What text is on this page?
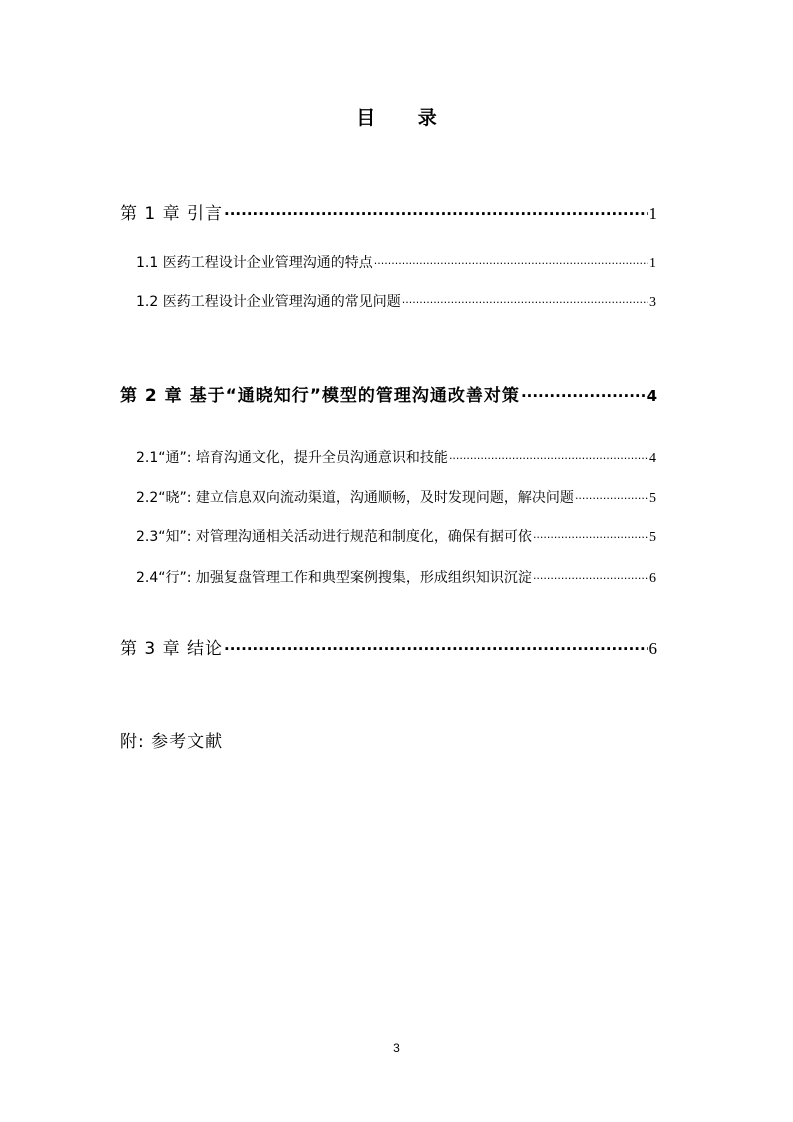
目 录
第 1 章 引言 ·····	1
1.1 医药工程设计企业管理沟通的特点 ·····	1
1.2 医药工程设计企业管理沟通的常见问题 ·····	3
第 2 章 基于“通晓知行”模型的管理沟通改善对策 ·····	4
2.1“通”: 培育沟通文化，提升全员沟通意识和技能 ·····	4
2.2“晓”: 建立信息双向流动渠道，沟通顺畅，及时发现问题，解决问题 ·····	5
2.3“知”: 对管理沟通相关活动进行规范和制度化，确保有据可依 ·····	5
2.4“行”: 加强复盘管理工作和典型案例搜集，形成组织知识沉淀 ·····	6
第 3 章 结论 ·····	6
附: 参考文献
3
